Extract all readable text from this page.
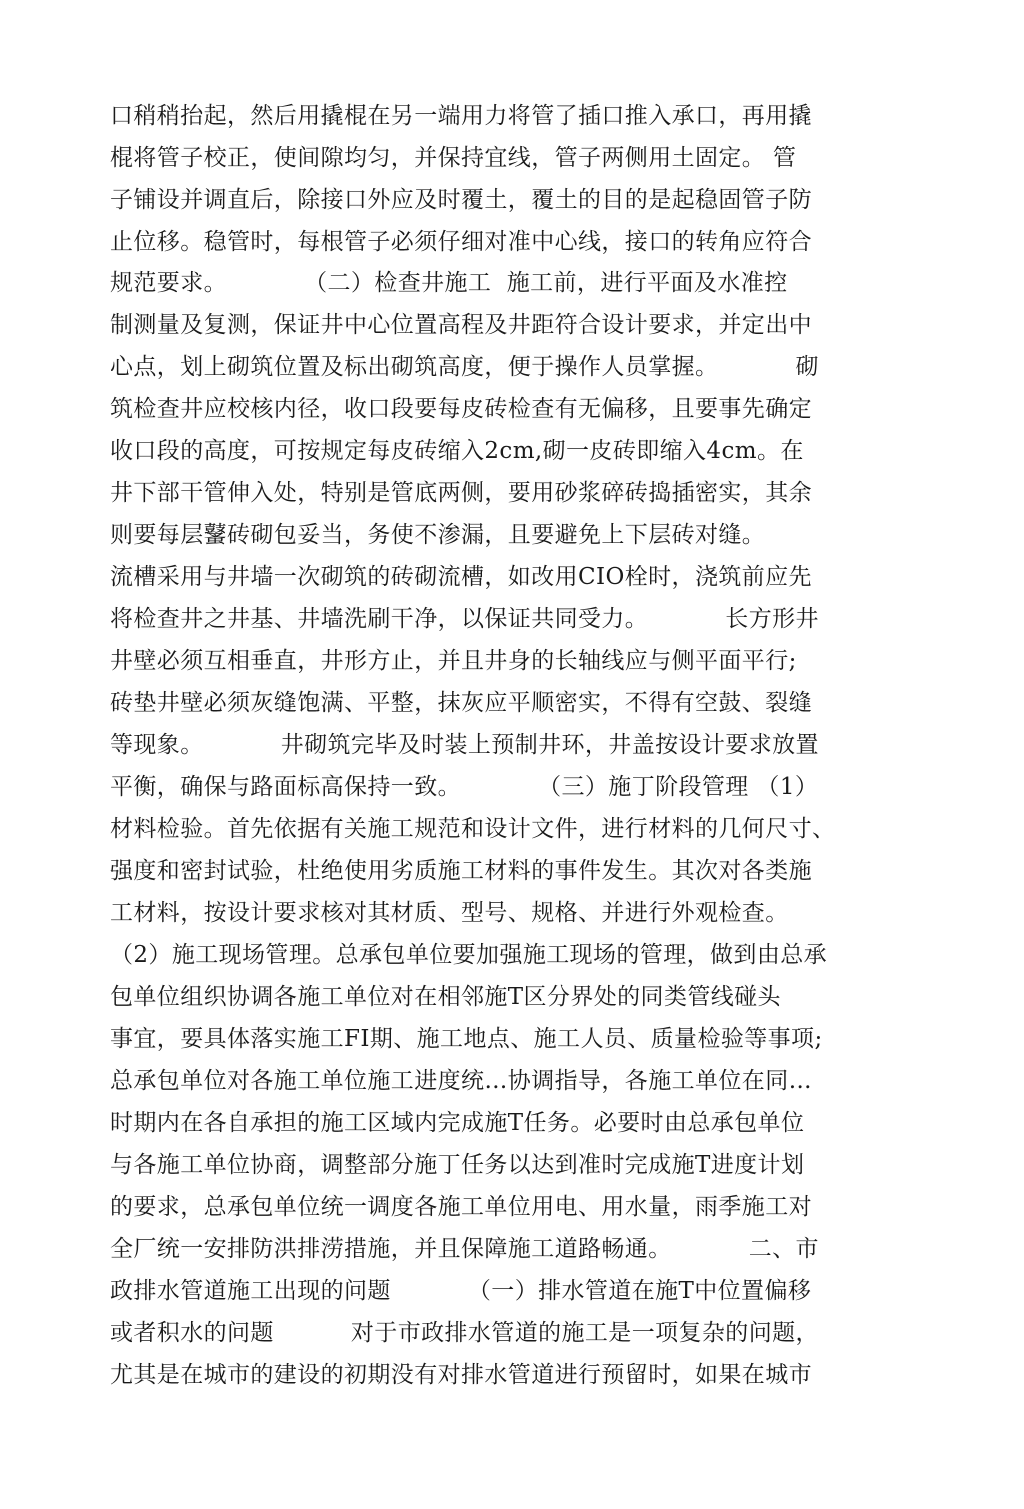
口稍稍抬起，然后用撬棍在另一端用力将管了插口推入承口，再用撬
棍将管子校正，使间隙均匀，并保持宜线，管子两侧用土固定。 管
子铺设并调直后，除接口外应及时覆土，覆土的目的是起稳固管子防
止位移。稳管时，每根管子必须仔细对准中心线，接口的转角应符合
规范要求。          （二）检查井施工  施工前，进行平面及水准控
制测量及复测，保证井中心位置高程及井距符合设计要求，并定出中
心点，划上砌筑位置及标出砌筑高度，便于操作人员掌握。          砌
筑检查井应校核内径，收口段要每皮砖检查有无偏移，且要事先确定
收口段的高度，可按规定每皮砖缩入2cm,砌一皮砖即缩入4cm。在
井下部干管伸入处，特别是管底两侧，要用砂浆碎砖捣插密实，其余
则要每层鼜砖砌包妥当，务使不渗漏，且要避免上下层砖对缝。
流槽采用与井墙一次砌筑的砖砌流槽，如改用CIO栓时，浇筑前应先
将检查井之井基、井墙洗刷干净，以保证共同受力。          长方形井
井壁必须互相垂直，井形方止，并且井身的长轴线应与侧平面平行;
砖垫井壁必须灰缝饱满、平整，抹灰应平顺密实，不得有空鼓、裂缝
等现象。          井砌筑完毕及时装上预制井环，井盖按设计要求放置
平衡，确保与路面标高保持一致。          （三）施丁阶段管理 （1）
材料检验。首先依据有关施工规范和设计文件，进行材料的几何尺寸、
强度和密封试验，杜绝使用劣质施工材料的事件发生。其次对各类施
工材料，按设计要求核对其材质、型号、规格、并进行外观检查。
（2）施工现场管理。总承包单位要加强施工现场的管理，做到由总承
包单位组织协调各施工单位对在相邻施T区分界处的同类管线碰头
事宜，要具体落实施工FI期、施工地点、施工人员、质量检验等事项;
总承包单位对各施工单位施工进度统…协调指导，各施工单位在同…
时期内在各自承担的施工区域内完成施T任务。必要时由总承包单位
与各施工单位协商，调整部分施丁任务以达到准时完成施T进度计划
的要求，总承包单位统一调度各施工单位用电、用水量，雨季施工对
全厂统一安排防洪排涝措施，并且保障施工道路畅通。          二、市
政排水管道施工出现的问题          （一）排水管道在施T中位置偏移
或者积水的问题          对于市政排水管道的施工是一项复杂的问题，
尤其是在城市的建设的初期没有对排水管道进行预留时，如果在城市
